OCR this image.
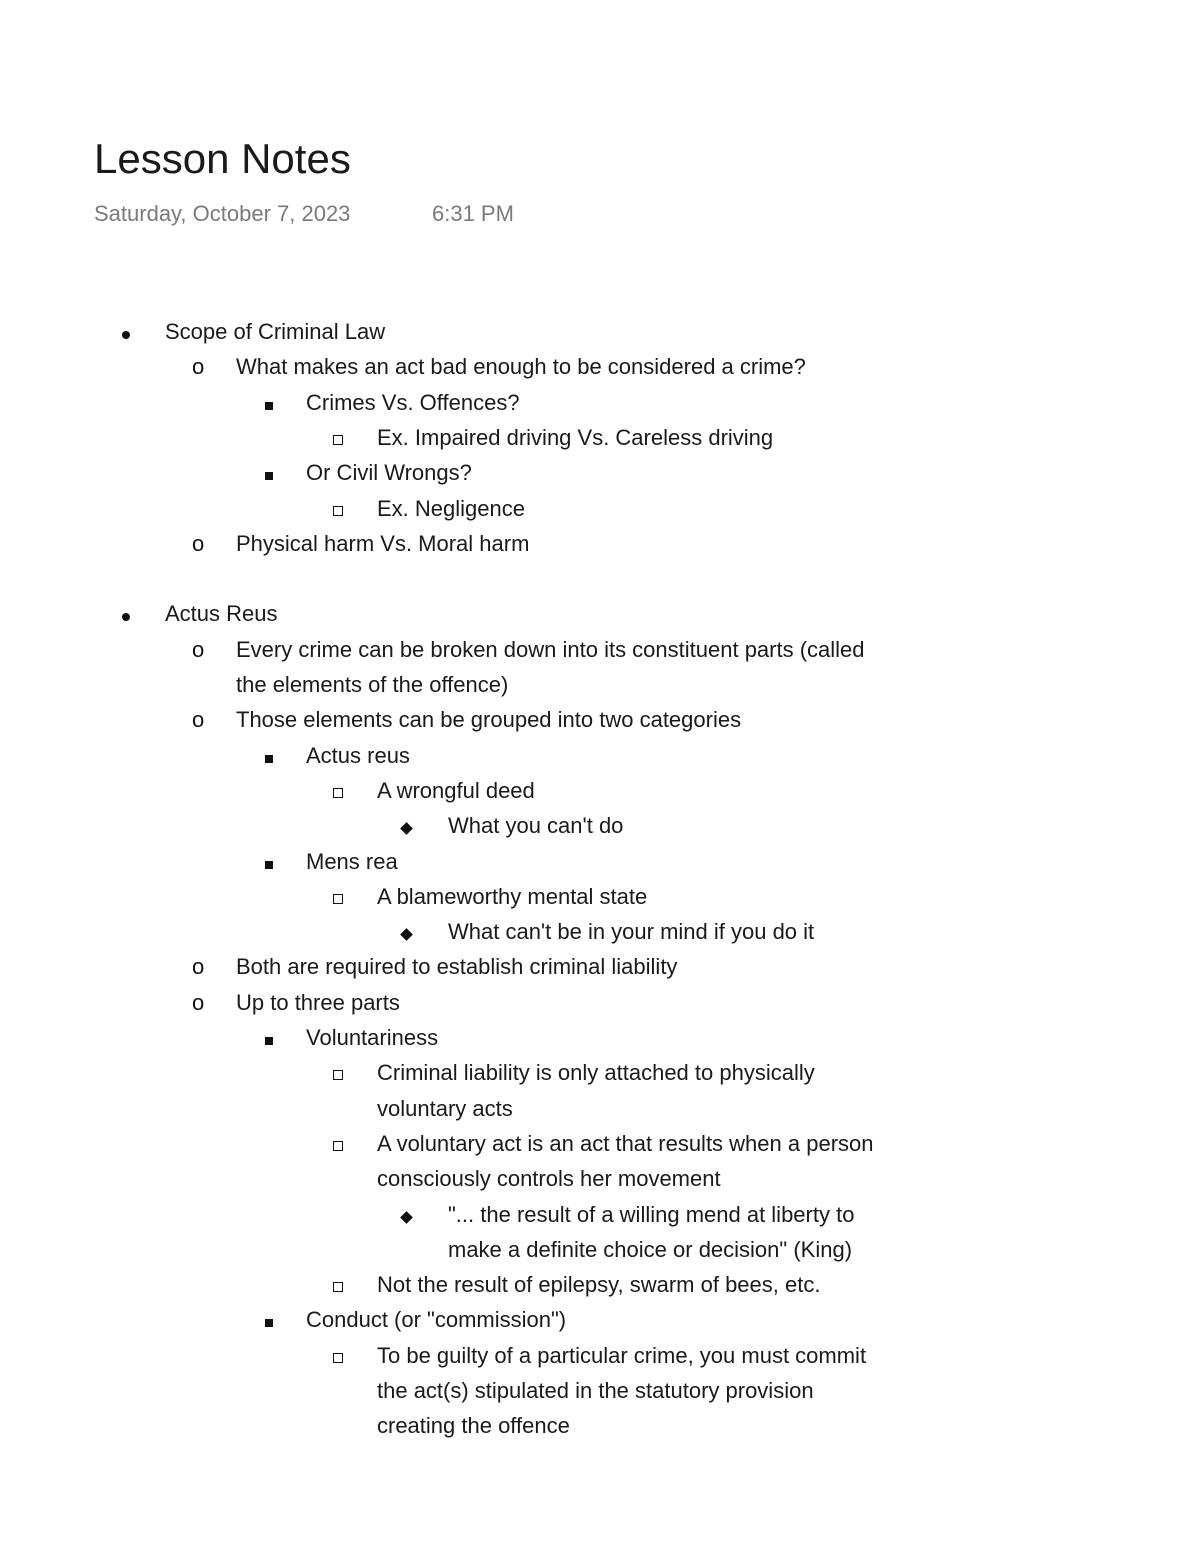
Lesson Notes
Saturday, October 7, 2023	6:31 PM
Scope of Criminal Law
o What makes an act bad enough to be considered a crime?
Crimes Vs. Offences?
Ex. Impaired driving Vs. Careless driving
Or Civil Wrongs?
Ex. Negligence
o Physical harm Vs. Moral harm
Actus Reus
o Every crime can be broken down into its constituent parts (called
the elements of the offence)
o Those elements can be grouped into two categories
Actus reus
A wrongful deed
What you can't do
Mens rea
A blameworthy mental state
What can't be in your mind if you do it
o Both are required to establish criminal liability
o Up to three parts
Voluntariness
Criminal liability is only attached to physically
voluntary acts
A voluntary act is an act that results when a person
consciously controls her movement
"... the result of a willing mend at liberty to
make a definite choice or decision" (King)
Not the result of epilepsy, swarm of bees, etc.
Conduct (or "commission")
To be guilty of a particular crime, you must commit
the act(s) stipulated in the statutory provision
creating the offence
